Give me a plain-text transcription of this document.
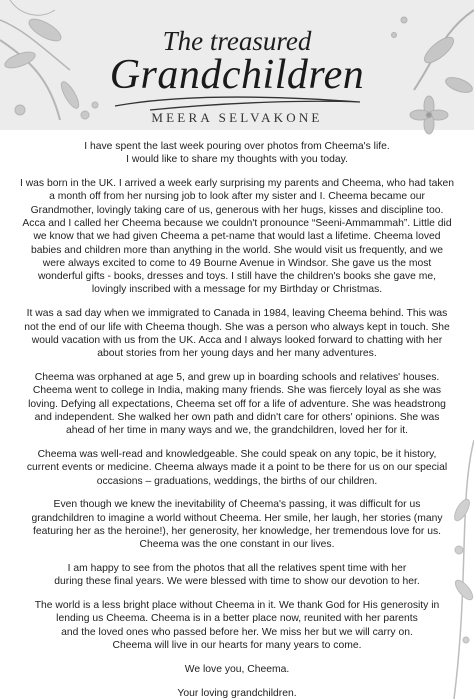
The treasured
Grandchildren
MEERA SELVAKONE

I have spent the last week pouring over photos from Cheema's life.
I would like to share my thoughts with you today.

I was born in the UK. I arrived a week early surprising my parents and Cheema, who had taken
a month off from her nursing job to look after my sister and I. Cheema became our
Grandmother, lovingly taking care of us, generous with her hugs, kisses and discipline too.
Acca and I called her Cheema because we couldn't pronounce “Seeni-Ammammah”. Little did
we know that we had given Cheema a pet-name that would last a lifetime. Cheema loved
babies and children more than anything in the world. She would visit us frequently, and we
were always excited to come to 49 Bourne Avenue in Windsor. She gave us the most
wonderful gifts - books, dresses and toys. I still have the children's books she gave me,
lovingly inscribed with a message for my Birthday or Christmas.

It was a sad day when we immigrated to Canada in 1984, leaving Cheema behind. This was
not the end of our life with Cheema though. She was a person who always kept in touch. She
would vacation with us from the UK. Acca and I always looked forward to chatting with her
about stories from her young days and her many adventures.

Cheema was orphaned at age 5, and grew up in boarding schools and relatives' houses.
Cheema went to college in India, making many friends. She was fiercely loyal as she was
loving. Defying all expectations, Cheema set off for a life of adventure. She was headstrong
and independent. She walked her own path and didn't care for others' opinions. She was
ahead of her time in many ways and we, the grandchildren, loved her for it.

Cheema was well-read and knowledgeable. She could speak on any topic, be it history,
current events or medicine. Cheema always made it a point to be there for us on our special
occasions – graduations, weddings, the births of our children.

Even though we knew the inevitability of Cheema's passing, it was difficult for us
grandchildren to imagine a world without Cheema. Her smile, her laugh, her stories (many
featuring her as the heroine!), her generosity, her knowledge, her tremendous love for us.
Cheema was the one constant in our lives.

I am happy to see from the photos that all the relatives spent time with her
during these final years. We were blessed with time to show our devotion to her.

The world is a less bright place without Cheema in it. We thank God for His generosity in
lending us Cheema. Cheema is in a better place now, reunited with her parents
and the loved ones who passed before her. We miss her but we will carry on.
Cheema will live in our hearts for many years to come.

We love you, Cheema.

Your loving grandchildren.
